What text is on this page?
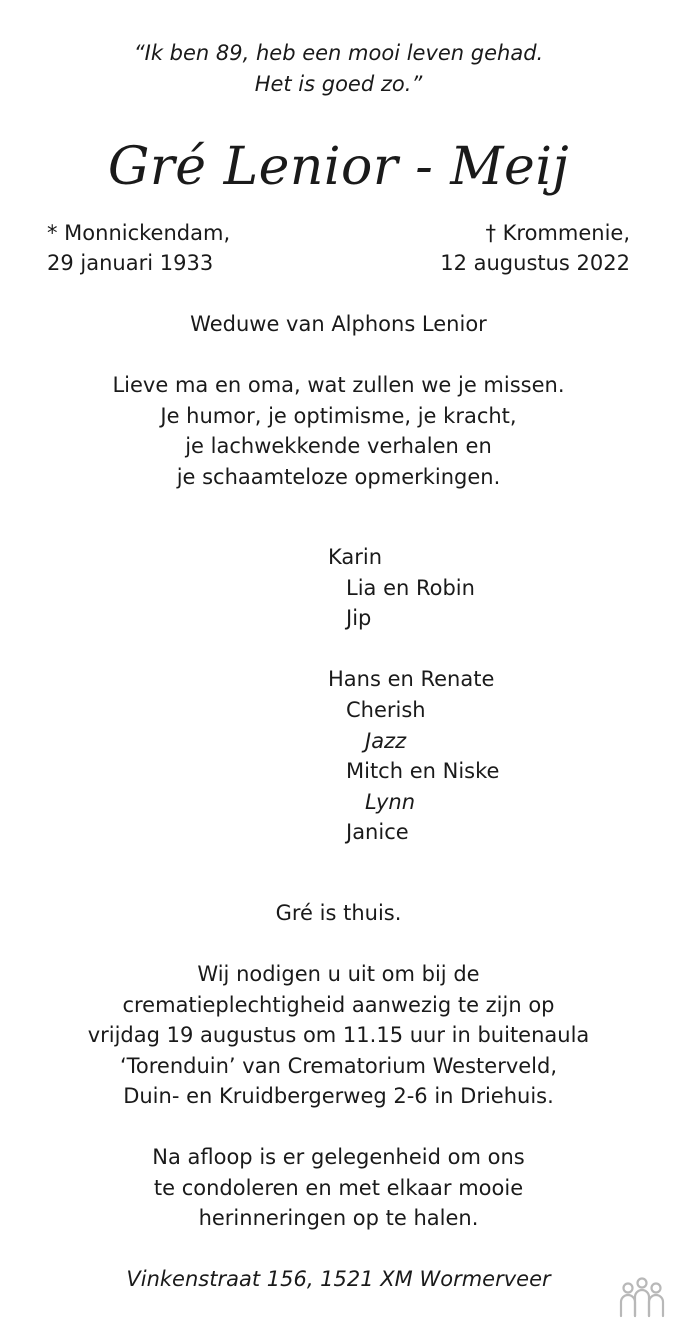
“Ik ben 89, heb een mooi leven gehad.
Het is goed zo.”
Gré Lenior - Meij
* Monnickendam,
29 januari 1933
† Krommenie,
12 augustus 2022
Weduwe van Alphons Lenior
Lieve ma en oma, wat zullen we je missen.
Je humor, je optimisme, je kracht,
je lachwekkende verhalen en
je schaamteloze opmerkingen.
Karin
Lia en Robin
Jip
Hans en Renate
Cherish
Jazz
Mitch en Niske
Lynn
Janice
Gré is thuis.
Wij nodigen u uit om bij de
crematieplechtigheid aanwezig te zijn op
vrijdag 19 augustus om 11.15 uur in buitenaula
‘Torenduin’ van Crematorium Westerveld,
Duin- en Kruidbergerweg 2-6 in Driehuis.
Na afloop is er gelegenheid om ons
te condoleren en met elkaar mooie
herinneringen op te halen.
Vinkenstraat 156, 1521 XM Wormerveer
